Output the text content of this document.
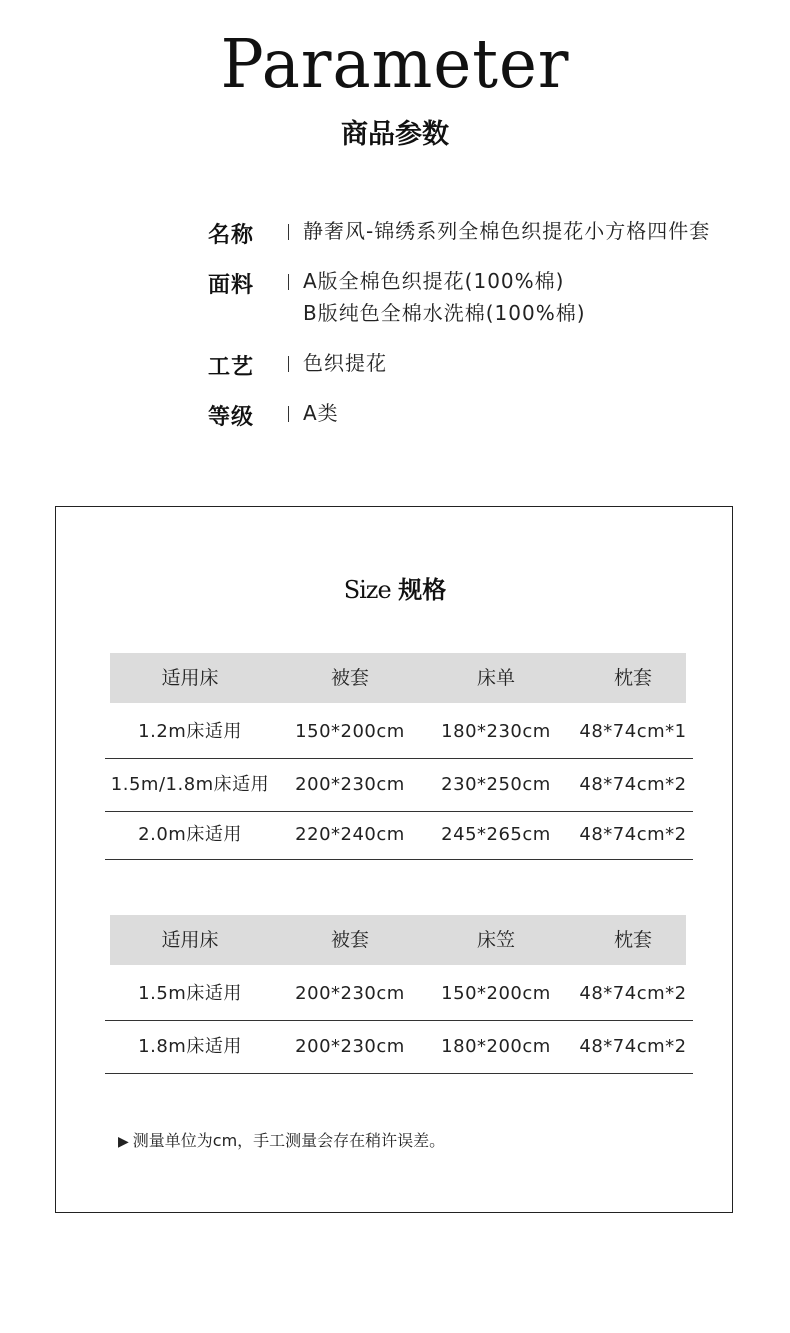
Parameter
商品参数
名称	静奢风-锦绣系列全棉色织提花小方格四件套
面料	A版全棉色织提花(100%棉)
B版纯色全棉水洗棉(100%棉)
工艺	色织提花
等级	A类
Size 规格
适用床	被套	床单	枕套
1.2m床适用	150*200cm	180*230cm	48*74cm*1
1.5m/1.8m床适用	200*230cm	230*250cm	48*74cm*2
2.0m床适用	220*240cm	245*265cm	48*74cm*2
适用床	被套	床笠	枕套
1.5m床适用	200*230cm	150*200cm	48*74cm*2
1.8m床适用	200*230cm	180*200cm	48*74cm*2
▶ 测量单位为cm，手工测量会存在稍许误差。
